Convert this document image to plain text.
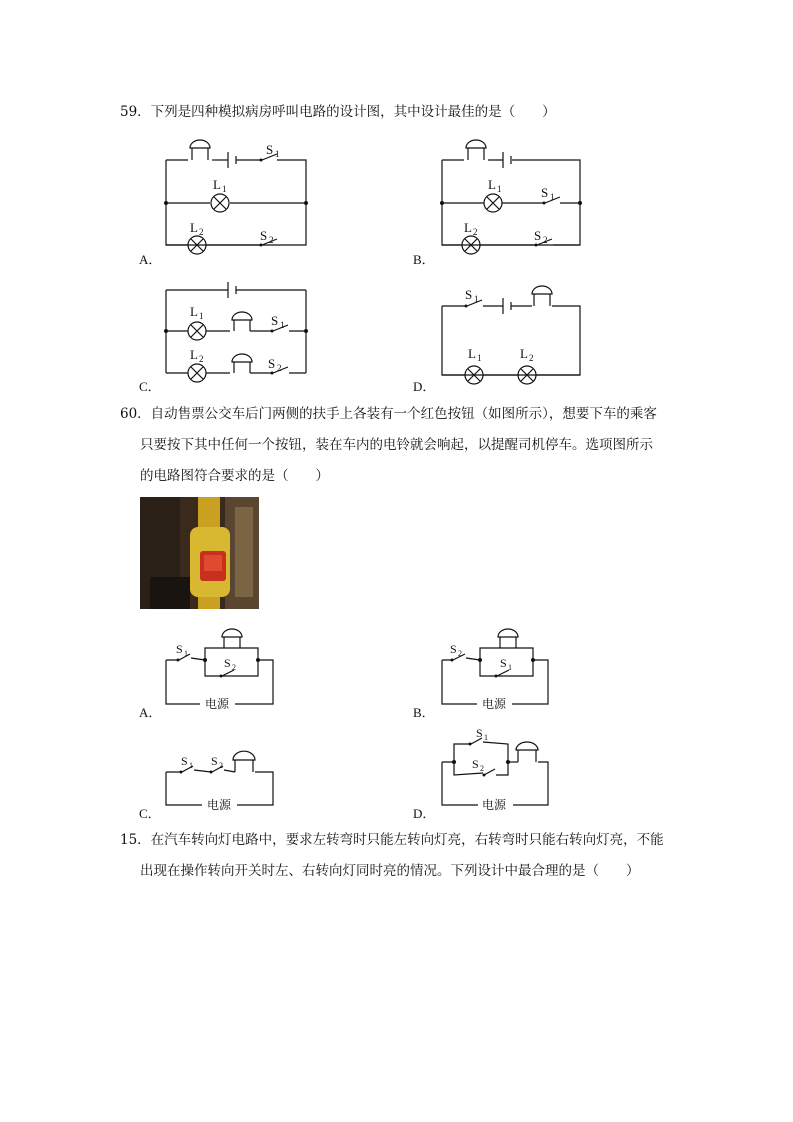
59．下列是四种模拟病房呼叫电路的设计图，其中设计最佳的是（　　）
S 1
L 1
L 2	S 2
A．
L 1	S 1
L 2	S 2
B．
L 1	S 1
L 2	S 2
C．
S 1
L 1	L 2
D．
60．自动售票公交车后门两侧的扶手上各装有一个红色按钮（如图所示），想要下车的乘客
只要按下其中任何一个按钮，装在车内的电铃就会响起，以提醒司机停车。选项图所示
的电路图符合要求的是（　　）
S 1
S 2
电源
A．
S 2
S 1
电源
B．
S 1 S 2
电源
C．
S 1
S 2
电源
D．
15．在汽车转向灯电路中，要求左转弯时只能左转向灯亮，右转弯时只能右转向灯亮，不能
出现在操作转向开关时左、右转向灯同时亮的情况。下列设计中最合理的是（　　）
